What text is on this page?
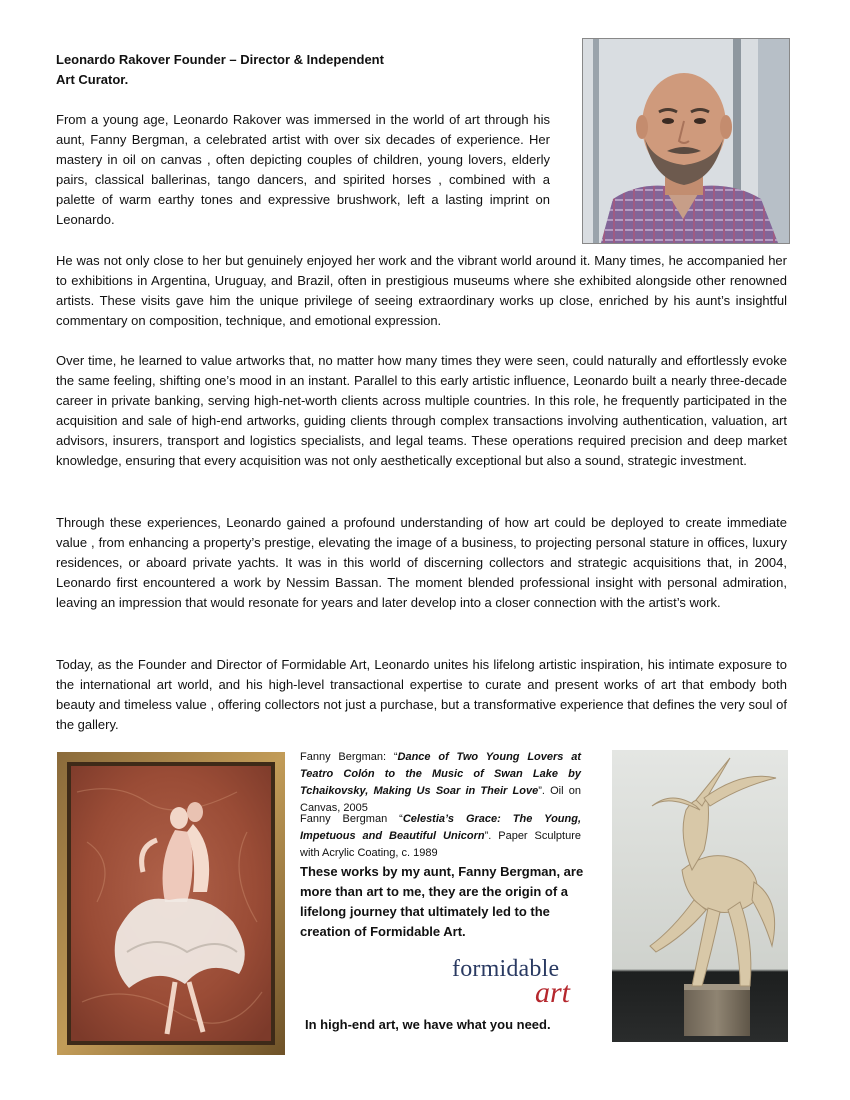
Leonardo Rakover Founder – Director & Independent
Art Curator.

From a young age, Leonardo Rakover was immersed in the world of art through his aunt, Fanny Bergman, a celebrated artist with over six decades of experience. Her mastery in oil on canvas , often depicting couples of children, young lovers, elderly pairs, classical ballerinas, tango dancers, and spirited horses , combined with a palette of warm earthy tones and expressive brushwork, left a lasting imprint on Leonardo.

He was not only close to her but genuinely enjoyed her work and the vibrant world around it. Many times, he accompanied her to exhibitions in Argentina, Uruguay, and Brazil, often in prestigious museums where she exhibited alongside other renowned artists. These visits gave him the unique privilege of seeing extraordinary works up close, enriched by his aunt’s insightful commentary on composition, technique, and emotional expression.

Over time, he learned to value artworks that, no matter how many times they were seen, could naturally and effortlessly evoke the same feeling, shifting one’s mood in an instant. Parallel to this early artistic influence, Leonardo built a nearly three-decade career in private banking, serving high-net-worth clients across multiple countries. In this role, he frequently participated in the acquisition and sale of high-end artworks, guiding clients through complex transactions involving authentication, valuation, art advisors, insurers, transport and logistics specialists, and legal teams. These operations required precision and deep market knowledge, ensuring that every acquisition was not only aesthetically exceptional but also a sound, strategic investment.

Through these experiences, Leonardo gained a profound understanding of how art could be deployed to create immediate value , from enhancing a property’s prestige, elevating the image of a business, to projecting personal stature in offices, luxury residences, or aboard private yachts. It was in this world of discerning collectors and strategic acquisitions that, in 2004, Leonardo first encountered a work by Nessim Bassan. The moment blended professional insight with personal admiration, leaving an impression that would resonate for years and later develop into a closer connection with the artist’s work.

Today, as the Founder and Director of Formidable Art, Leonardo unites his lifelong artistic inspiration, his intimate exposure to the international art world, and his high-level transactional expertise to curate and present works of art that embody both beauty and timeless value , offering collectors not just a purchase, but a transformative experience that defines the very soul of the gallery.

Fanny Bergman: “Dance of Two Young Lovers at Teatro Colón to the Music of Swan Lake by Tchaikovsky, Making Us Soar in Their Love”. Oil on Canvas, 2005

Fanny Bergman “Celestia’s Grace: The Young, Impetuous and Beautiful Unicorn”. Paper Sculpture with Acrylic Coating, c. 1989

These works by my aunt, Fanny Bergman, are more than art to me, they are the origin of a lifelong journey that ultimately led to the creation of Formidable Art.

formidable
art

In high-end art, we have what you need.
